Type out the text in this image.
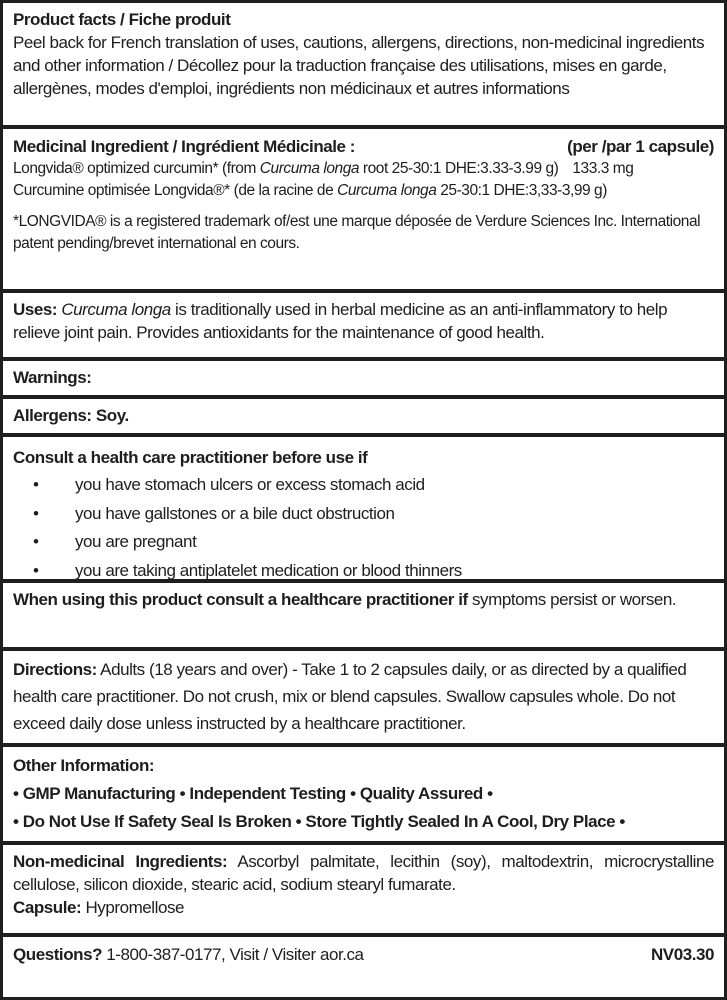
Product facts / Fiche produit
Peel back for French translation of uses, cautions, allergens, directions, non-medicinal ingredients and other information / Décollez pour la traduction française des utilisations, mises en garde, allergènes, modes d'emploi, ingrédients non médicinaux et autres informations
Medicinal Ingredient / Ingrédient Médicinale :	(per /par 1 capsule)
Longvida® optimized curcumin* (from Curcuma longa root 25-30:1 DHE:3.33-3.99 g) 133.3 mg
Curcumine optimisée Longvida®* (de la racine de Curcuma longa 25-30:1 DHE:3,33-3,99 g)
*LONGVIDA® is a registered trademark of/est une marque déposée de Verdure Sciences Inc. International patent pending/brevet international en cours.
Uses: Curcuma longa is traditionally used in herbal medicine as an anti-inflammatory to help relieve joint pain. Provides antioxidants for the maintenance of good health.
Warnings:
Allergens: Soy.
Consult a health care practitioner before use if
•	you have stomach ulcers or excess stomach acid
•	you have gallstones or a bile duct obstruction
•	you are pregnant
•	you are taking antiplatelet medication or blood thinners
When using this product consult a healthcare practitioner if symptoms persist or worsen.
Directions: Adults (18 years and over) - Take 1 to 2 capsules daily, or as directed by a qualified health care practitioner. Do not crush, mix or blend capsules. Swallow capsules whole. Do not exceed daily dose unless instructed by a healthcare practitioner.
Other Information:
• GMP Manufacturing • Independent Testing • Quality Assured •
• Do Not Use If Safety Seal Is Broken • Store Tightly Sealed In A Cool, Dry Place •
Non-medicinal Ingredients: Ascorbyl palmitate, lecithin (soy), maltodextrin, microcrystalline cellulose, silicon dioxide, stearic acid, sodium stearyl fumarate.
Capsule: Hypromellose
Questions? 1-800-387-0177, Visit / Visiter aor.ca	NV03.30
